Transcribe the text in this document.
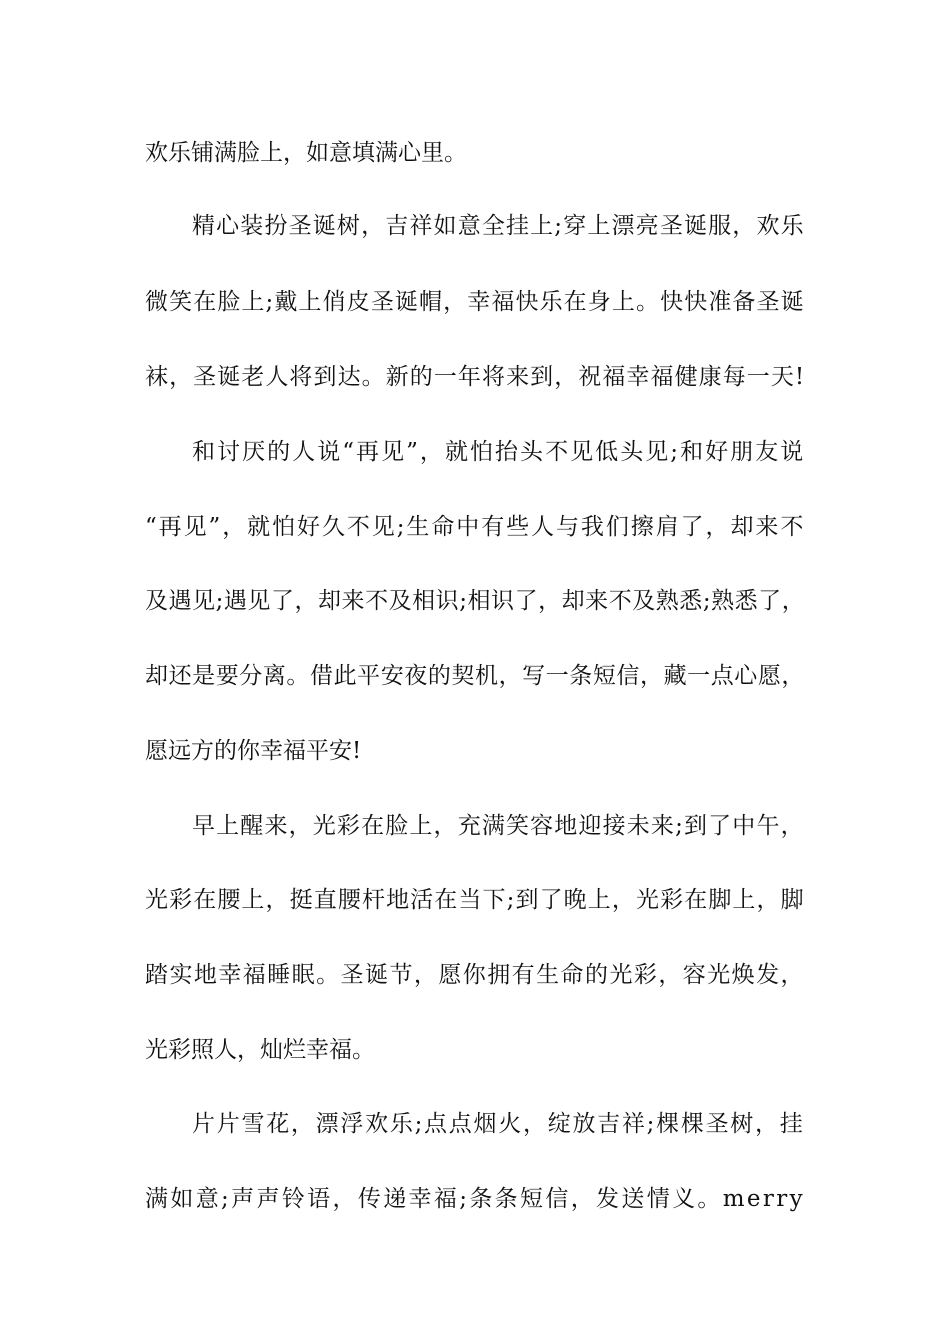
欢乐铺满脸上，如意填满心里。
精心装扮圣诞树，吉祥如意全挂上;穿上漂亮圣诞服，欢乐
微笑在脸上;戴上俏皮圣诞帽，幸福快乐在身上。快快准备圣诞
袜，圣诞老人将到达。新的一年将来到，祝福幸福健康每一天!
和讨厌的人说“再见”，就怕抬头不见低头见;和好朋友说
“再见”，就怕好久不见;生命中有些人与我们擦肩了，却来不
及遇见;遇见了，却来不及相识;相识了，却来不及熟悉;熟悉了，
却还是要分离。借此平安夜的契机，写一条短信，藏一点心愿，
愿远方的你幸福平安!
早上醒来，光彩在脸上，充满笑容地迎接未来;到了中午，
光彩在腰上，挺直腰杆地活在当下;到了晚上，光彩在脚上，脚
踏实地幸福睡眠。圣诞节，愿你拥有生命的光彩，容光焕发，
光彩照人，灿烂幸福。
片片雪花，漂浮欢乐;点点烟火，绽放吉祥;棵棵圣树，挂
满如意;声声铃语，传递幸福;条条短信，发送情义。merry
